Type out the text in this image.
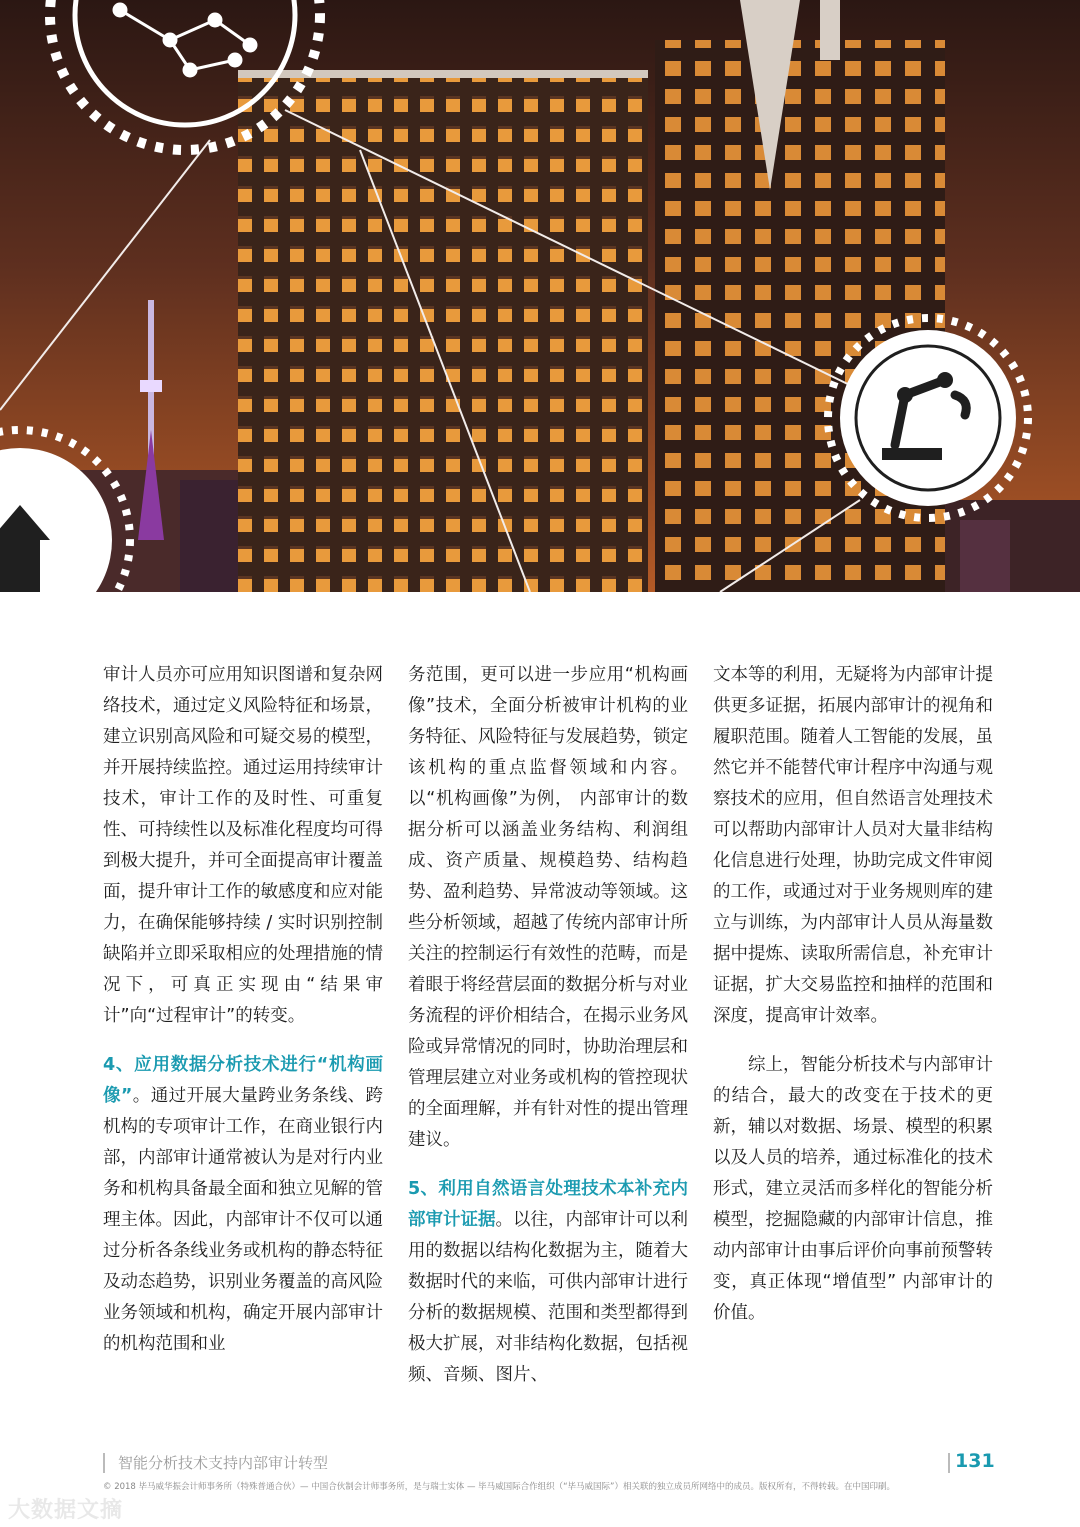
审计人员亦可应用知识图谱和复杂网络技术，通过定义风险特征和场景，建立识别高风险和可疑交易的模型，并开展持续监控。通过运用持续审计技术，审计工作的及时性、可重复性、可持续性以及标准化程度均可得到极大提升，并可全面提高审计覆盖面，提升审计工作的敏感度和应对能力，在确保能够持续 / 实时识别控制缺陷并立即采取相应的处理措施的情况下，可真正实现由“结果审计”向“过程审计”的转变。

4、应用数据分析技术进行“机构画像”。通过开展大量跨业务条线、跨机构的专项审计工作，在商业银行内部，内部审计通常被认为是对行内业务和机构具备最全面和独立见解的管理主体。因此，内部审计不仅可以通过分析各条线业务或机构的静态特征及动态趋势，识别业务覆盖的高风险业务领域和机构，确定开展内部审计的机构范围和业

务范围，更可以进一步应用“机构画像”技术，全面分析被审计机构的业务特征、风险特征与发展趋势，锁定该机构的重点监督领域和内容。以“机构画像”为例， 内部审计的数据分析可以涵盖业务结构、利润组成、资产质量、规模趋势、结构趋势、盈利趋势、异常波动等领域。这些分析领域，超越了传统内部审计所关注的控制运行有效性的范畴，而是着眼于将经营层面的数据分析与对业务流程的评价相结合，在揭示业务风险或异常情况的同时，协助治理层和管理层建立对业务或机构的管控现状的全面理解，并有针对性的提出管理建议。

5、利用自然语言处理技术本补充内部审计证据。以往，内部审计可以利用的数据以结构化数据为主，随着大数据时代的来临，可供内部审计进行分析的数据规模、范围和类型都得到极大扩展，对非结构化数据，包括视频、音频、图片、

文本等的利用，无疑将为内部审计提供更多证据，拓展内部审计的视角和履职范围。随着人工智能的发展，虽然它并不能替代审计程序中沟通与观察技术的应用，但自然语言处理技术可以帮助内部审计人员对大量非结构化信息进行处理，协助完成文件审阅的工作，或通过对于业务规则库的建立与训练，为内部审计人员从海量数据中提炼、读取所需信息，补充审计证据，扩大交易监控和抽样的范围和深度，提高审计效率。

综上，智能分析技术与内部审计的结合，最大的改变在于技术的更新，辅以对数据、场景、模型的积累以及人员的培养，通过标准化的技术形式，建立灵活而多样化的智能分析模型，挖掘隐藏的内部审计信息，推动内部审计由事后评价向事前预警转变，真正体现“增值型” 内部审计的价值。

智能分析技术支持内部审计转型	131
© 2018 毕马威华振会计师事务所（特殊普通合伙）— 中国合伙制会计师事务所，是与瑞士实体 — 毕马威国际合作组织（“毕马威国际”）相关联的独立成员所网络中的成员。版权所有，不得转载。在中国印刷。
大数据文摘
